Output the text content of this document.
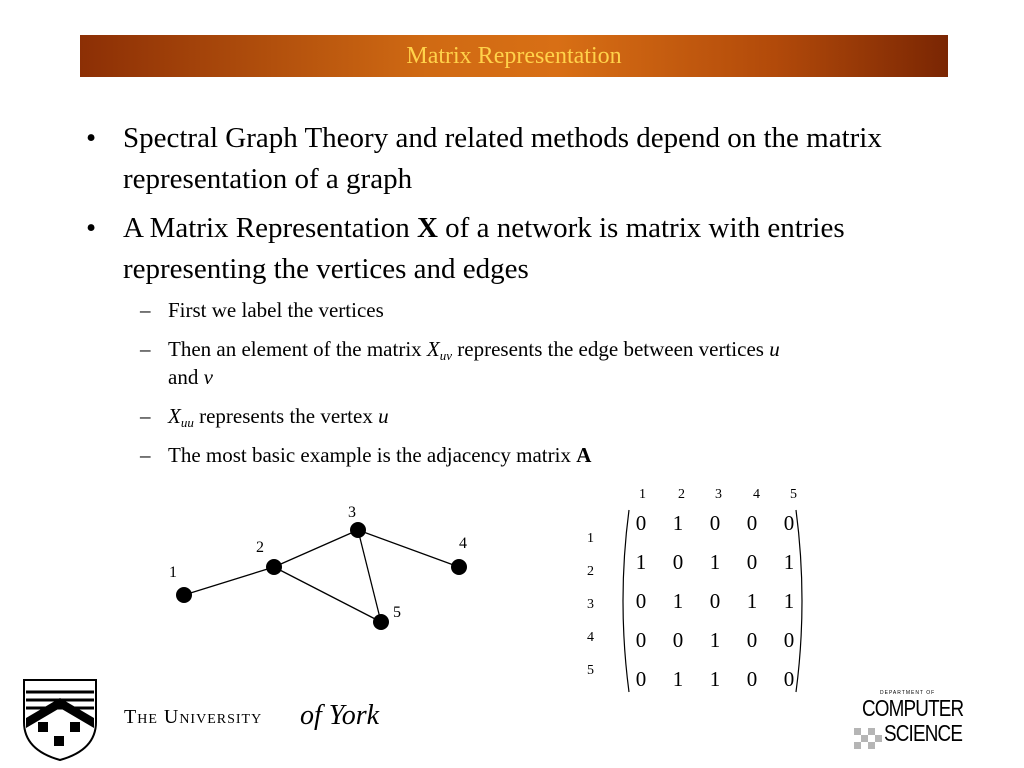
Matrix Representation
• Spectral Graph Theory and related methods depend on the matrix representation of a graph
• A Matrix Representation X of a network is matrix with entries representing the vertices and edges
– First we label the vertices
– Then an element of the matrix $X_{uv}$ represents the edge between vertices u
and v
– $X_{uu}$ represents the vertex u
– The most basic example is the adjacency matrix A
1
2
3
4
5
1 2 3 4 5
1
2
3
4
5
0 1 0 0 0
1 0 1 0 1
0 1 0 1 1
0 0 1 0 0
0 1 1 0 0
The University of York
DEPARTMENT OF
COMPUTER
SCIENCE
